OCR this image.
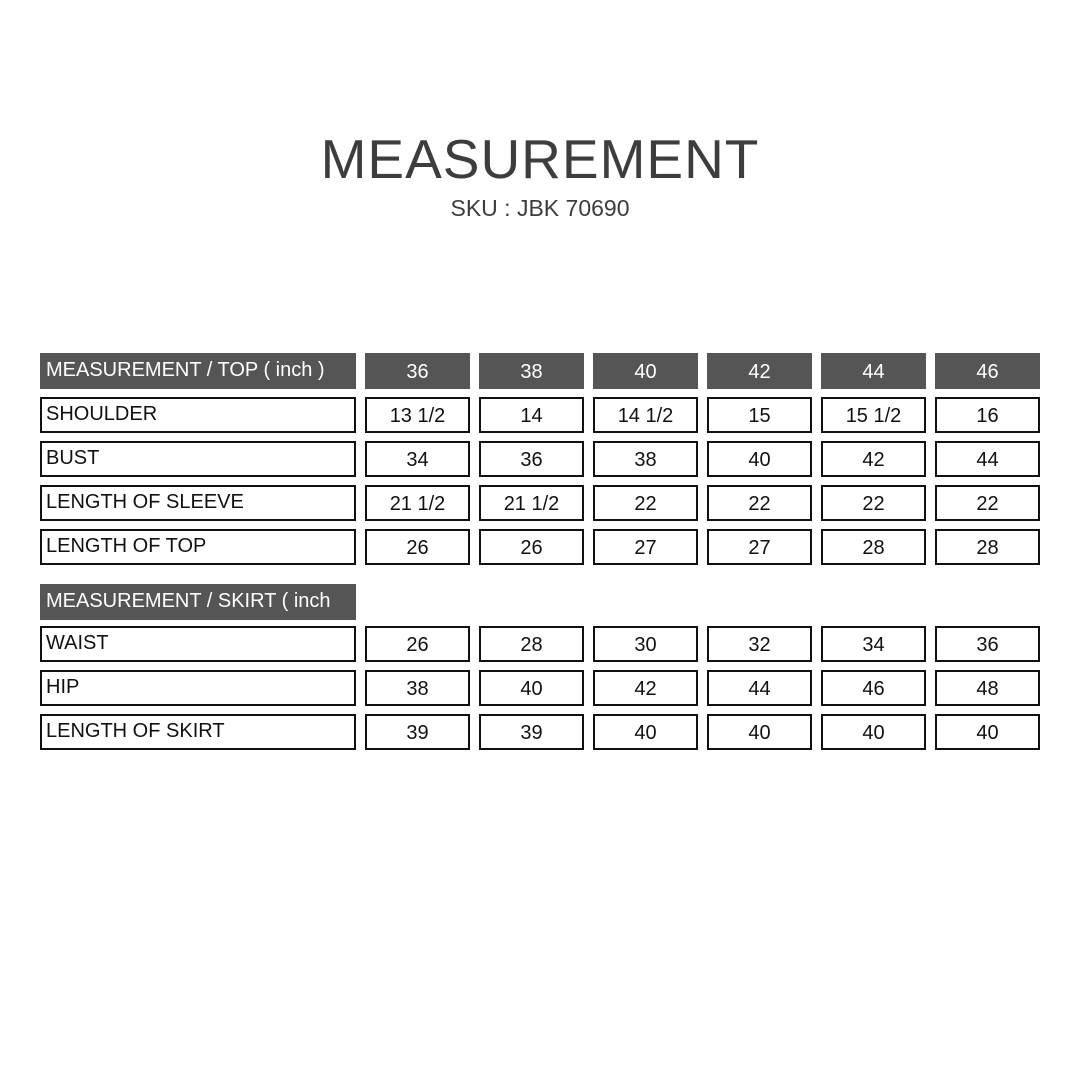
MEASUREMENT
SKU : JBK 70690
MEASUREMENT / TOP ( inch )	36	38	40	42	44	46
SHOULDER	13 1/2	14	14 1/2	15	15 1/2	16
BUST	34	36	38	40	42	44
LENGTH OF SLEEVE	21 1/2	21 1/2	22	22	22	22
LENGTH OF TOP	26	26	27	27	28	28
MEASUREMENT / SKIRT ( inch
WAIST	26	28	30	32	34	36
HIP	38	40	42	44	46	48
LENGTH OF SKIRT	39	39	40	40	40	40
